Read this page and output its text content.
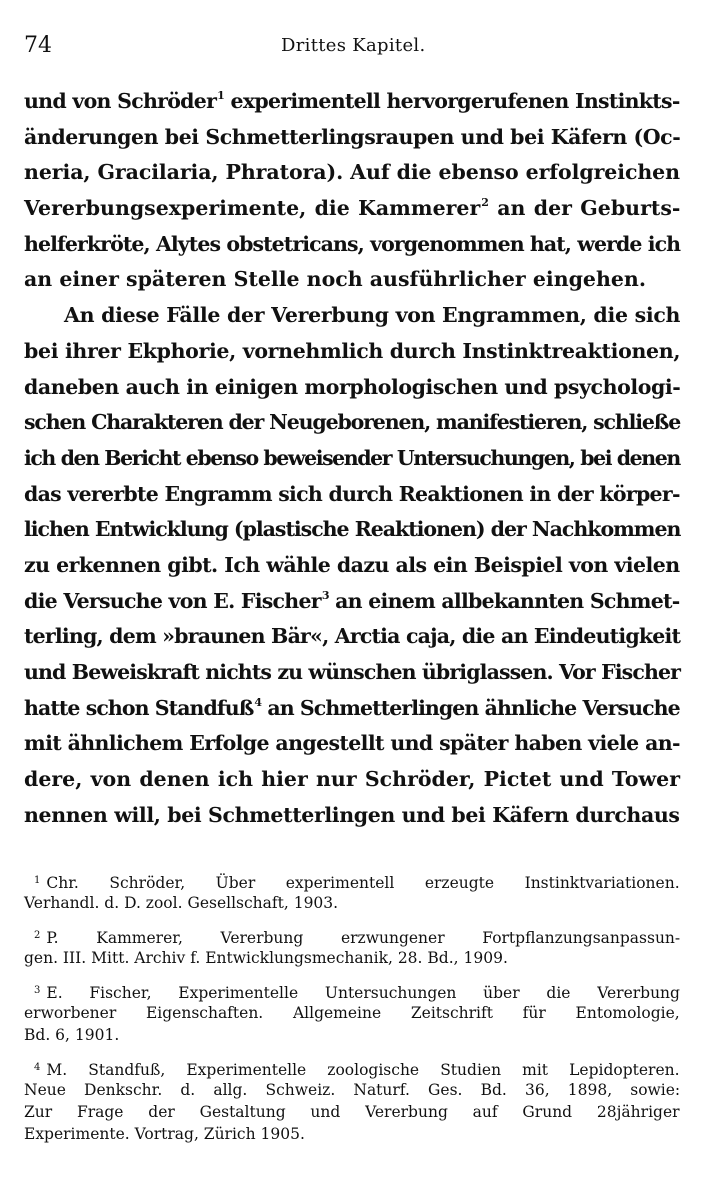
74	Drittes Kapitel.
und von Schröder$^1$ experimentell hervorgerufenen Instinkts-
änderungen bei Schmetterlingsraupen und bei Käfern (Oc-
neria, Gracilaria, Phratora). Auf die ebenso erfolgreichen
Vererbungsexperimente, die Kammerer$^2$ an der Geburts-
helferkröte, Alytes obstetricans, vorgenommen hat, werde ich
an einer späteren Stelle noch ausführlicher eingehen.
An diese Fälle der Vererbung von Engrammen, die sich
bei ihrer Ekphorie, vornehmlich durch Instinktreaktionen,
daneben auch in einigen morphologischen und psychologi-
schen Charakteren der Neugeborenen, manifestieren, schließe
ich den Bericht ebenso beweisender Untersuchungen, bei denen
das vererbte Engramm sich durch Reaktionen in der körper-
lichen Entwicklung (plastische Reaktionen) der Nachkommen
zu erkennen gibt. Ich wähle dazu als ein Beispiel von vielen
die Versuche von E. Fischer$^3$ an einem allbekannten Schmet-
terling, dem »braunen Bär«, Arctia caja, die an Eindeutigkeit
und Beweiskraft nichts zu wünschen übriglassen. Vor Fischer
hatte schon Standfuß$^4$ an Schmetterlingen ähnliche Versuche
mit ähnlichem Erfolge angestellt und später haben viele an-
dere, von denen ich hier nur Schröder, Pictet und Tower
nennen will, bei Schmetterlingen und bei Käfern durchaus
$^1$ Chr. Schröder, Über experimentell erzeugte Instinktvariationen.
Verhandl. d. D. zool. Gesellschaft, 1903.
$^2$ P. Kammerer, Vererbung erzwungener Fortpflanzungsanpassun-
gen. III. Mitt. Archiv f. Entwicklungsmechanik, 28. Bd., 1909.
$^3$ E. Fischer, Experimentelle Untersuchungen über die Vererbung
erworbener Eigenschaften. Allgemeine Zeitschrift für Entomologie,
Bd. 6, 1901.
$^4$ M. Standfuß, Experimentelle zoologische Studien mit Lepidopteren.
Neue Denkschr. d. allg. Schweiz. Naturf. Ges. Bd. 36, 1898, sowie:
Zur Frage der Gestaltung und Vererbung auf Grund 28jähriger
Experimente. Vortrag, Zürich 1905.
